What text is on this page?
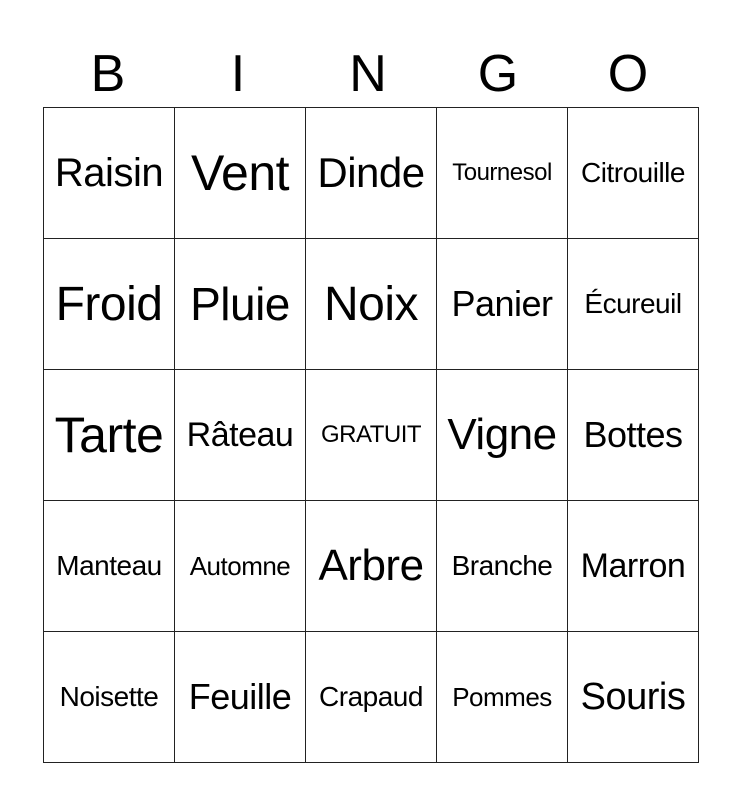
B	I	N	G	O
Raisin	Vent	Dinde	Tournesol	Citrouille
Froid	Pluie	Noix	Panier	Écureuil
Tarte	Râteau	GRATUIT	Vigne	Bottes
Manteau	Automne	Arbre	Branche	Marron
Noisette	Feuille	Crapaud	Pommes	Souris
